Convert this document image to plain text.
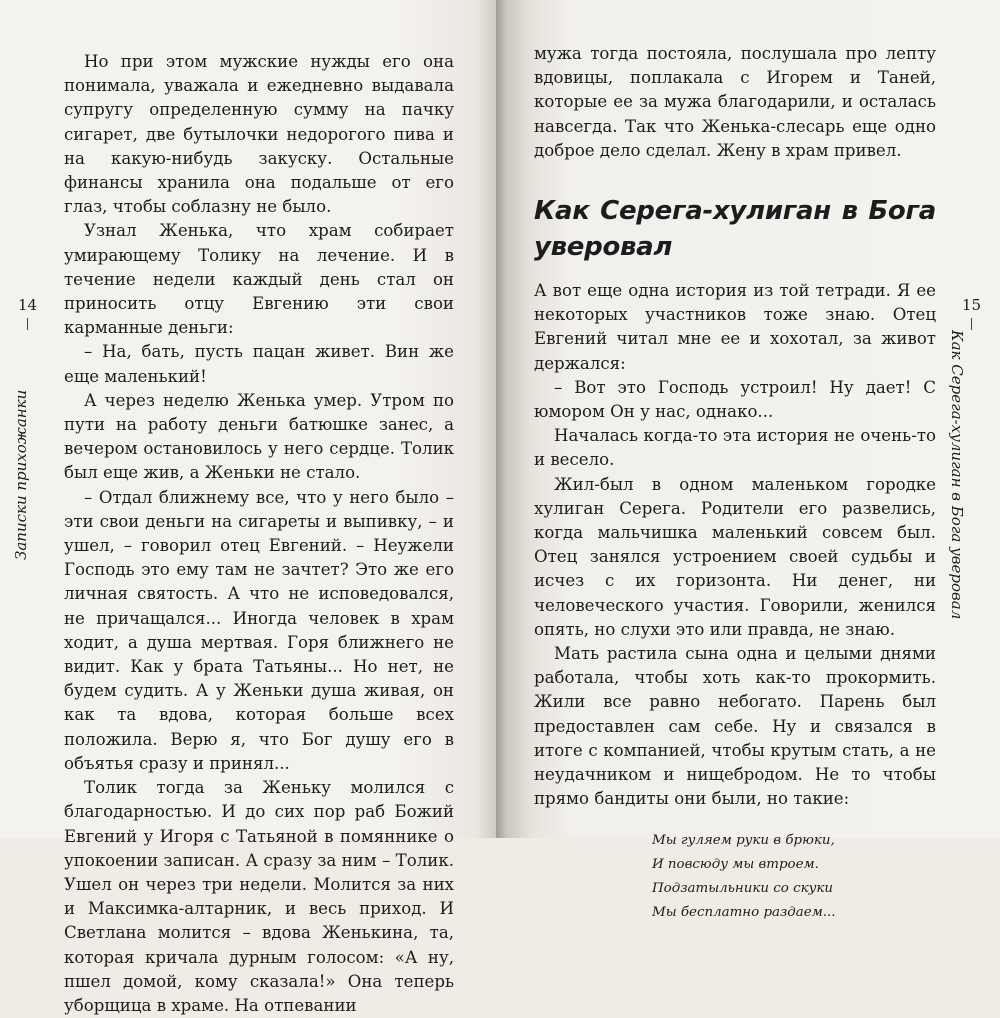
14
Записки прихожанки

Но при этом мужские нужды его она понимала, уважала и ежедневно выдавала супругу определенную сумму на пачку сигарет, две бутылочки недорогого пива и на какую-нибудь закуску. Остальные финансы хранила она подальше от его глаз, чтобы соблазну не было.

Узнал Женька, что храм собирает умирающему Толику на лечение. И в течение недели каждый день стал он приносить отцу Евгению эти свои карманные деньги:

– На, бать, пусть пацан живет. Вин же еще маленький!

А через неделю Женька умер. Утром по пути на работу деньги батюшке занес, а вечером остановилось у него сердце. Толик был еще жив, а Женьки не стало.

– Отдал ближнему все, что у него было – эти свои деньги на сигареты и выпивку, – и ушел, – говорил отец Евгений. – Неужели Господь это ему там не зачтет? Это же его личная святость. А что не исповедовался, не причащался... Иногда человек в храм ходит, а душа мертвая. Горя ближнего не видит. Как у брата Татьяны... Но нет, не будем судить. А у Женьки душа живая, он как та вдова, которая больше всех положила. Верю я, что Бог душу его в объятья сразу и принял...

Толик тогда за Женьку молился с благодарностью. И до сих пор раб Божий Евгений у Игоря с Татьяной в помяннике о упокоении записан. А сразу за ним – Толик. Ушел он через три недели. Молится за них и Максимка-алтарник, и весь приход. И Светлана молится – вдова Женькина, та, которая кричала дурным голосом: «А ну, пшел домой, кому сказала!» Она теперь уборщица в храме. На отпевании

15
Как Серега-хулиган в Бога уверовал

мужа тогда постояла, послушала про лепту вдовицы, поплакала с Игорем и Таней, которые ее за мужа благодарили, и осталась навсегда. Так что Женька-слесарь еще одно доброе дело сделал. Жену в храм привел.

Как Серега-хулиган в Бога уверовал

А вот еще одна история из той тетради. Я ее некоторых участников тоже знаю. Отец Евгений читал мне ее и хохотал, за живот держался:

– Вот это Господь устроил! Ну дает! С юмором Он у нас, однако...

Началась когда-то эта история не очень-то и весело.

Жил-был в одном маленьком городке хулиган Серега. Родители его развелись, когда мальчишка маленький совсем был. Отец занялся устроением своей судьбы и исчез с их горизонта. Ни денег, ни человеческого участия. Говорили, женился опять, но слухи это или правда, не знаю.

Мать растила сына одна и целыми днями работала, чтобы хоть как-то прокормить. Жили все равно небогато. Парень был предоставлен сам себе. Ну и связался в итоге с компанией, чтобы крутым стать, а не неудачником и нищебродом. Не то чтобы прямо бандиты они были, но такие:

Мы гуляем руки в брюки,
И повсюду мы втроем.
Подзатыльники со скуки
Мы бесплатно раздаем...
